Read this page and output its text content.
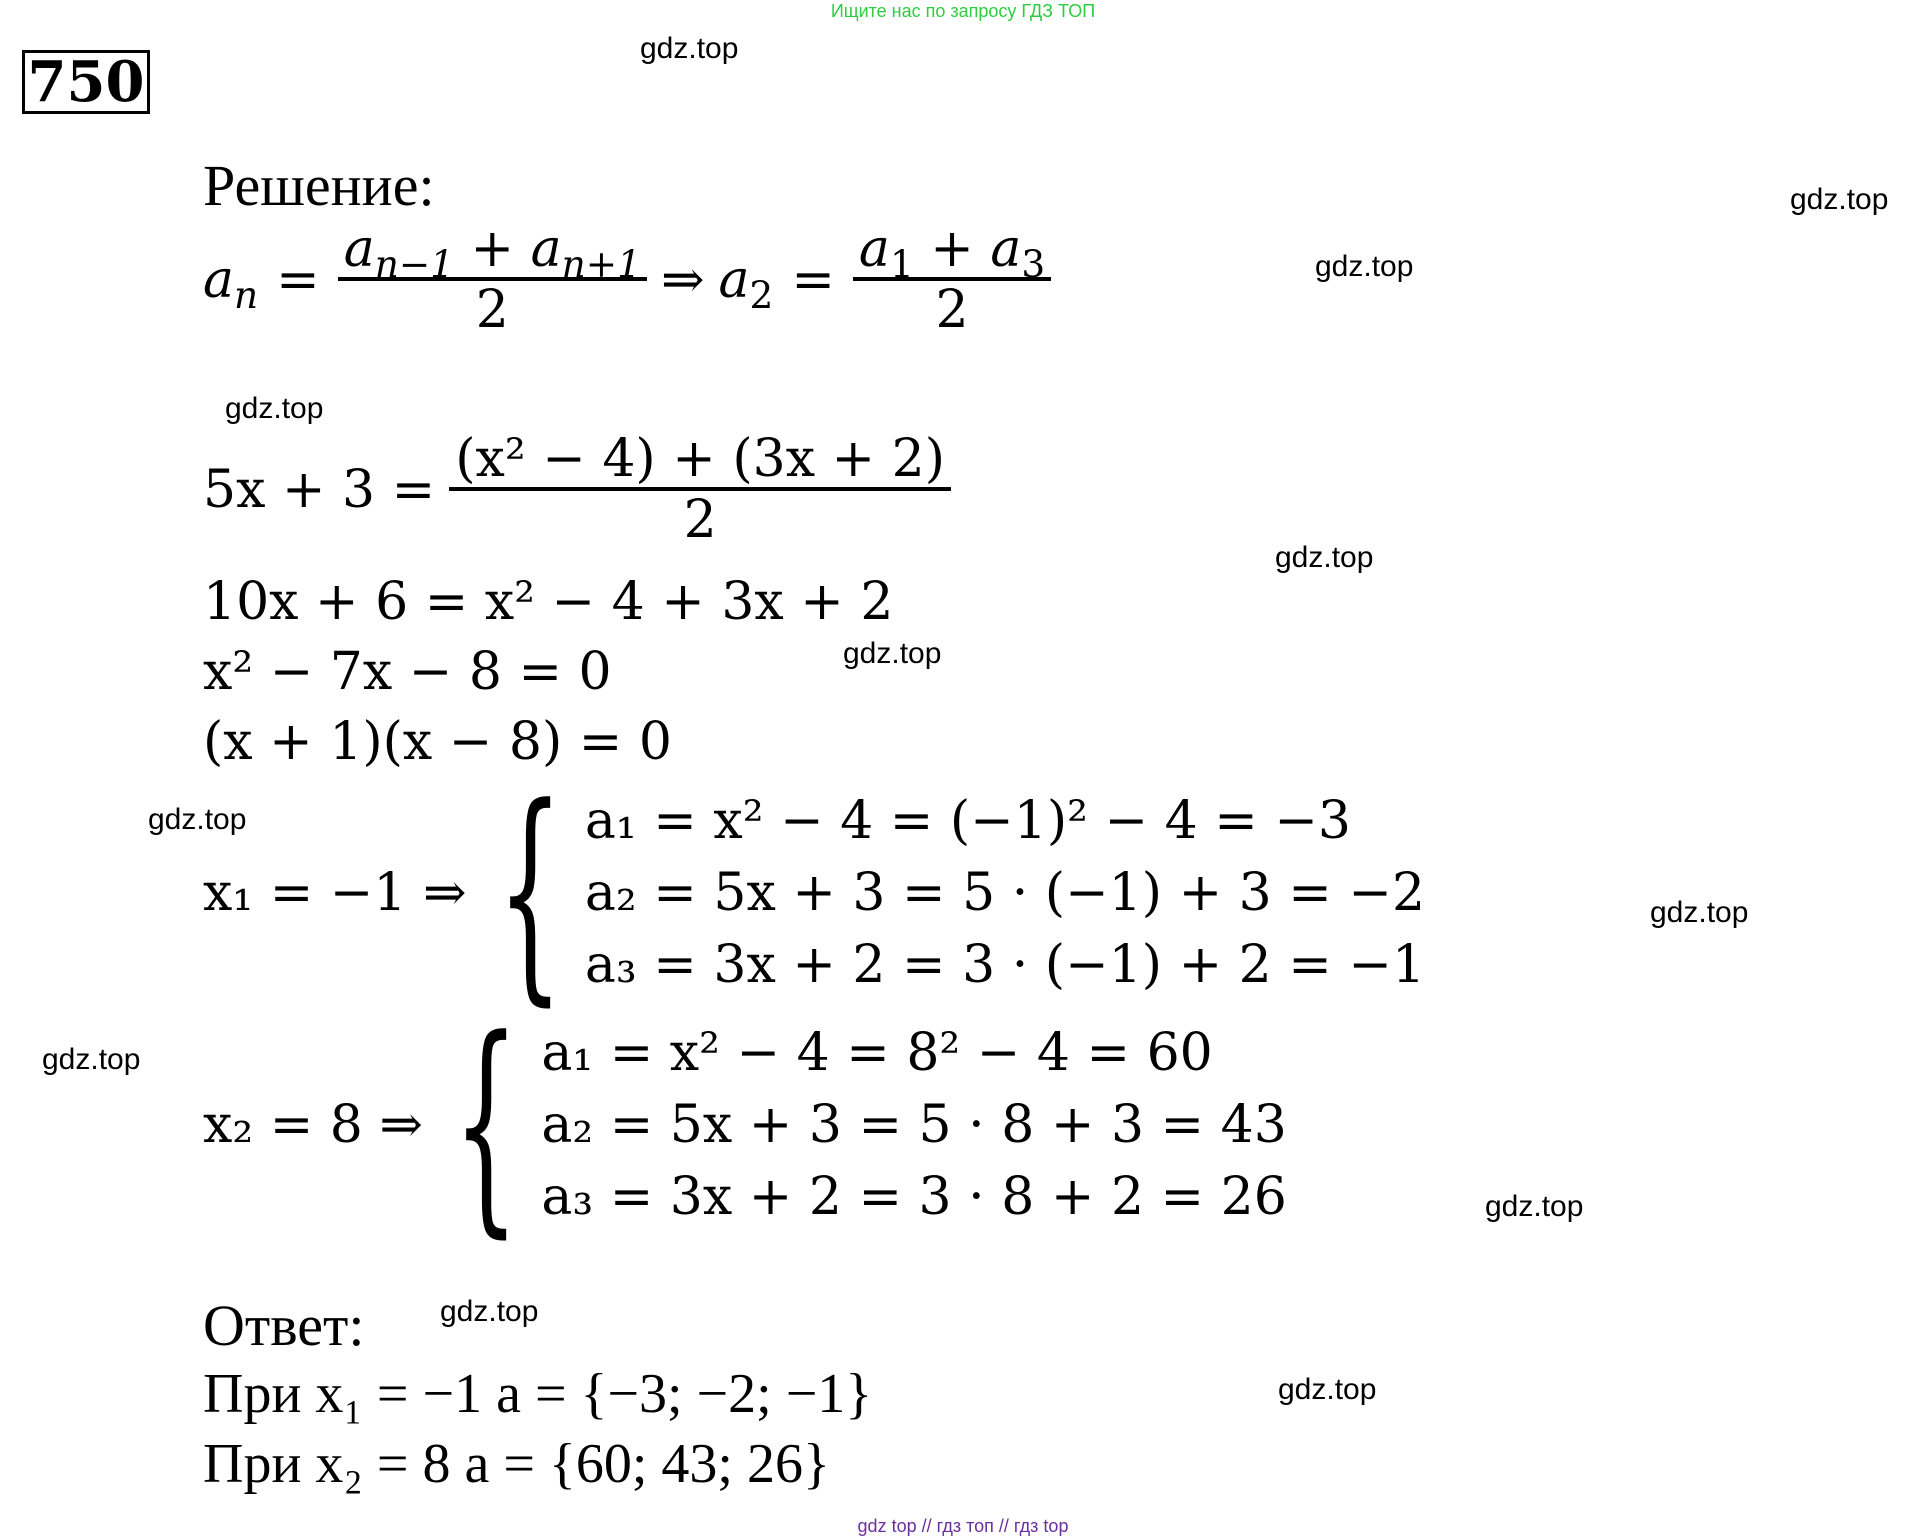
Ищите нас по запросу ГДЗ ТОП
750
gdz.top
gdz.top
gdz.top
gdz.top
gdz.top
gdz.top
gdz.top
gdz.top
gdz.top
gdz.top
gdz.top
gdz.top
Решение:
$a_n = \frac{a_{n-1} + a_{n+1}}{2}$ ⇒ $a_2 = \frac{a_1 + a_3}{2}$
$5x + 3 = \frac{\text{(x² − 4) + (3x + 2)}}{2}$
10x + 6 = x² − 4 + 3x + 2
x² − 7x − 8 = 0
(x + 1)(x − 8) = 0
x₁ = −1 ⇒ { a₁ = x² − 4 = (−1)² − 4 = −3
a₂ = 5x + 3 = 5 · (−1) + 3 = −2
a₃ = 3x + 2 = 3 · (−1) + 2 = −1
x₂ = 8 ⇒ { a₁ = x² − 4 = 8² − 4 = 60
a₂ = 5x + 3 = 5 · 8 + 3 = 43
a₃ = 3x + 2 = 3 · 8 + 2 = 26
Ответ:
При x₁ = −1 a = {−3; −2; −1}
При x₂ = 8 a = {60; 43; 26}
gdz top // гдз топ // гдз top
